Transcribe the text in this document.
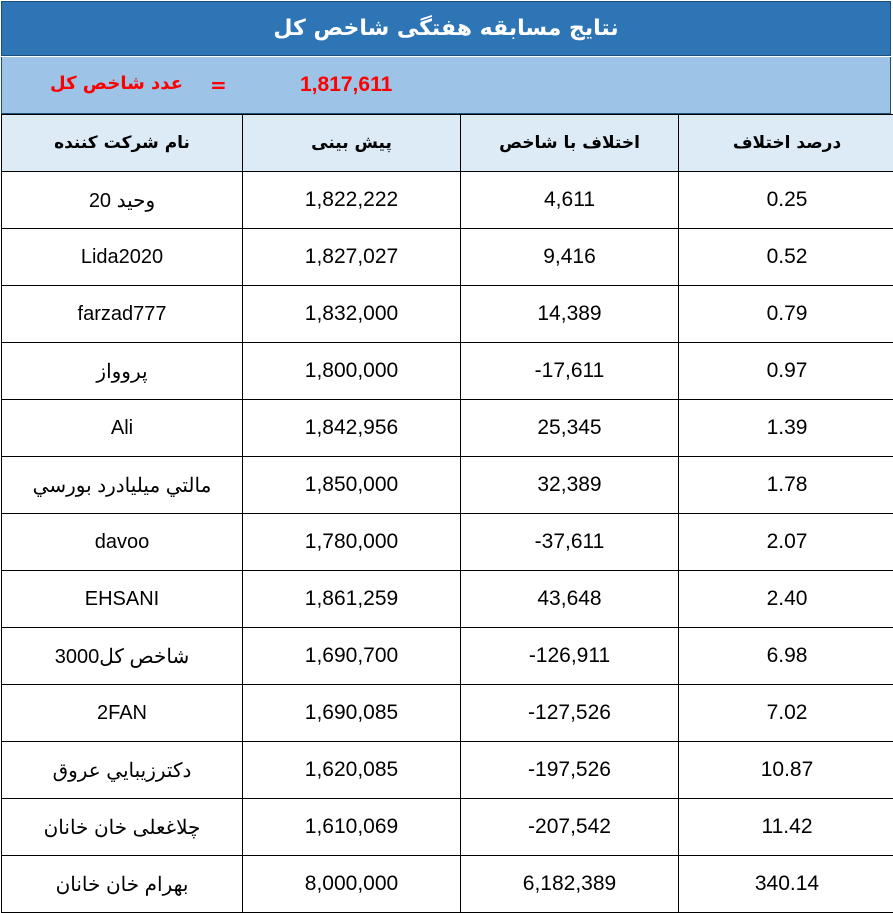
نتایج مسابقه هفتگی شاخص کل
عدد شاخص کل =	1,817,611
نام شرکت کننده	پیش بینی	اختلاف با شاخص	درصد اختلاف
وحید 20	1,822,222	4,611	0.25
Lida2020	1,827,027	9,416	0.52
farzad777	1,832,000	14,389	0.79
پروواز	1,800,000	-17,611	0.97
Ali	1,842,956	25,345	1.39
مالتي ميليادرد بورسي	1,850,000	32,389	1.78
davoo	1,780,000	-37,611	2.07
EHSANI	1,861,259	43,648	2.40
شاخص کل3000	1,690,700	-126,911	6.98
2FAN	1,690,085	-127,526	7.02
دکترزيبايي عروق	1,620,085	-197,526	10.87
چلاغعلی خان خانان	1,610,069	-207,542	11.42
بهرام خان خانان	8,000,000	6,182,389	340.14
